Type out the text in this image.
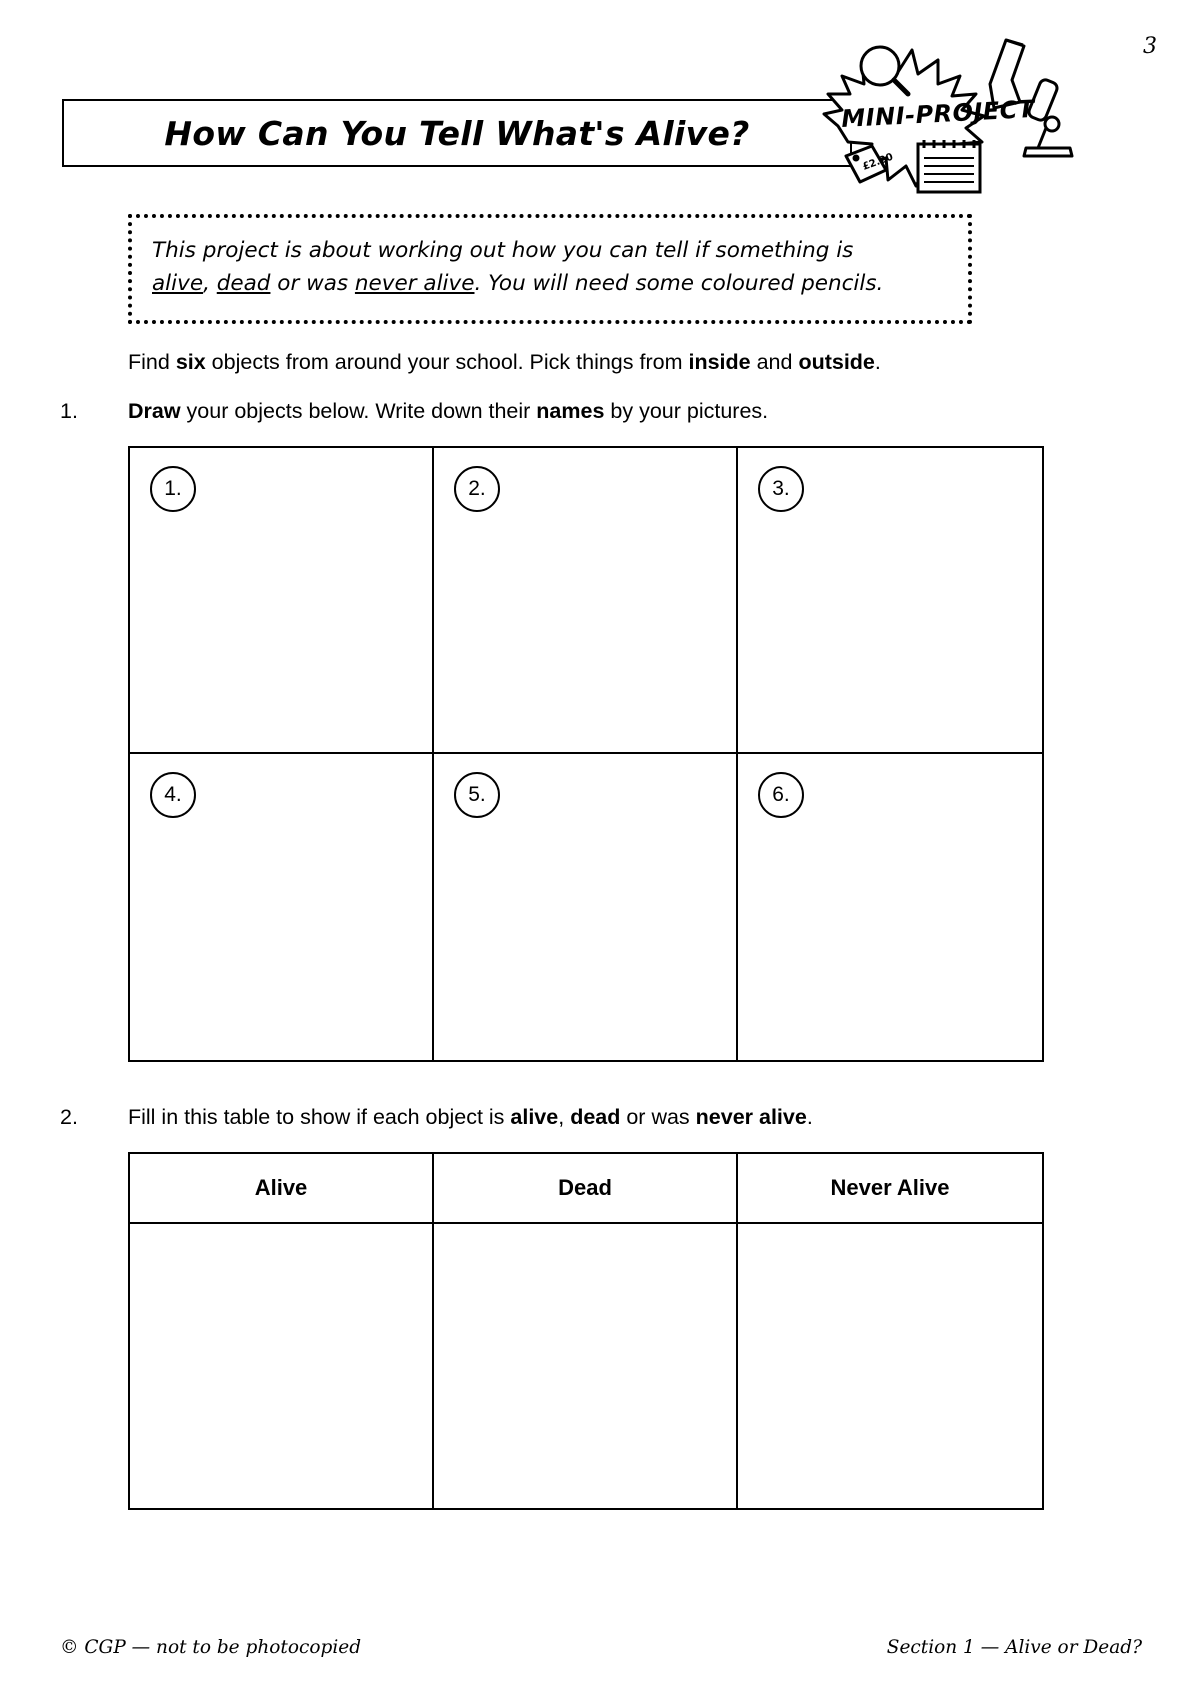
3
How Can You Tell What's Alive?
£2.20
MINI-PROJECT
This project is about working out how you can tell if something is
alive, dead or was never alive. You will need some coloured pencils.
Find six objects from around your school. Pick things from inside and outside.
1. Draw your objects below. Write down their names by your pictures.
1.	2.	3.
4.	5.	6.
2. Fill in this table to show if each object is alive, dead or was never alive.
Alive	Dead	Never Alive
© CGP — not to be photocopied	Section 1 — Alive or Dead?
